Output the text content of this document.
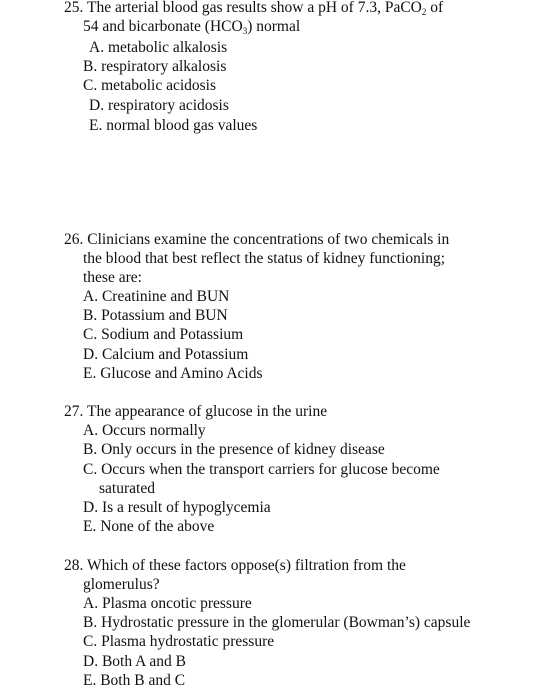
25. The arterial blood gas results show a pH of 7.3, PaCO$_2$ of
54 and bicarbonate $(HCO_3)$ normal
A. metabolic alkalosis
B. respiratory alkalosis
C. metabolic acidosis
D. respiratory acidosis
E. normal blood gas values
26. Clinicians examine the concentrations of two chemicals in
the blood that best reflect the status of kidney functioning;
these are:
A. Creatinine and BUN
B. Potassium and BUN
C. Sodium and Potassium
D. Calcium and Potassium
E. Glucose and Amino Acids
27. The appearance of glucose in the urine
A. Occurs normally
B. Only occurs in the presence of kidney disease
C. Occurs when the transport carriers for glucose become
saturated
D. Is a result of hypoglycemia
E. None of the above
28. Which of these factors oppose(s) filtration from the
glomerulus?
A. Plasma oncotic pressure
B. Hydrostatic pressure in the glomerular (Bowman’s) capsule
C. Plasma hydrostatic pressure
D. Both A and B
E. Both B and C
